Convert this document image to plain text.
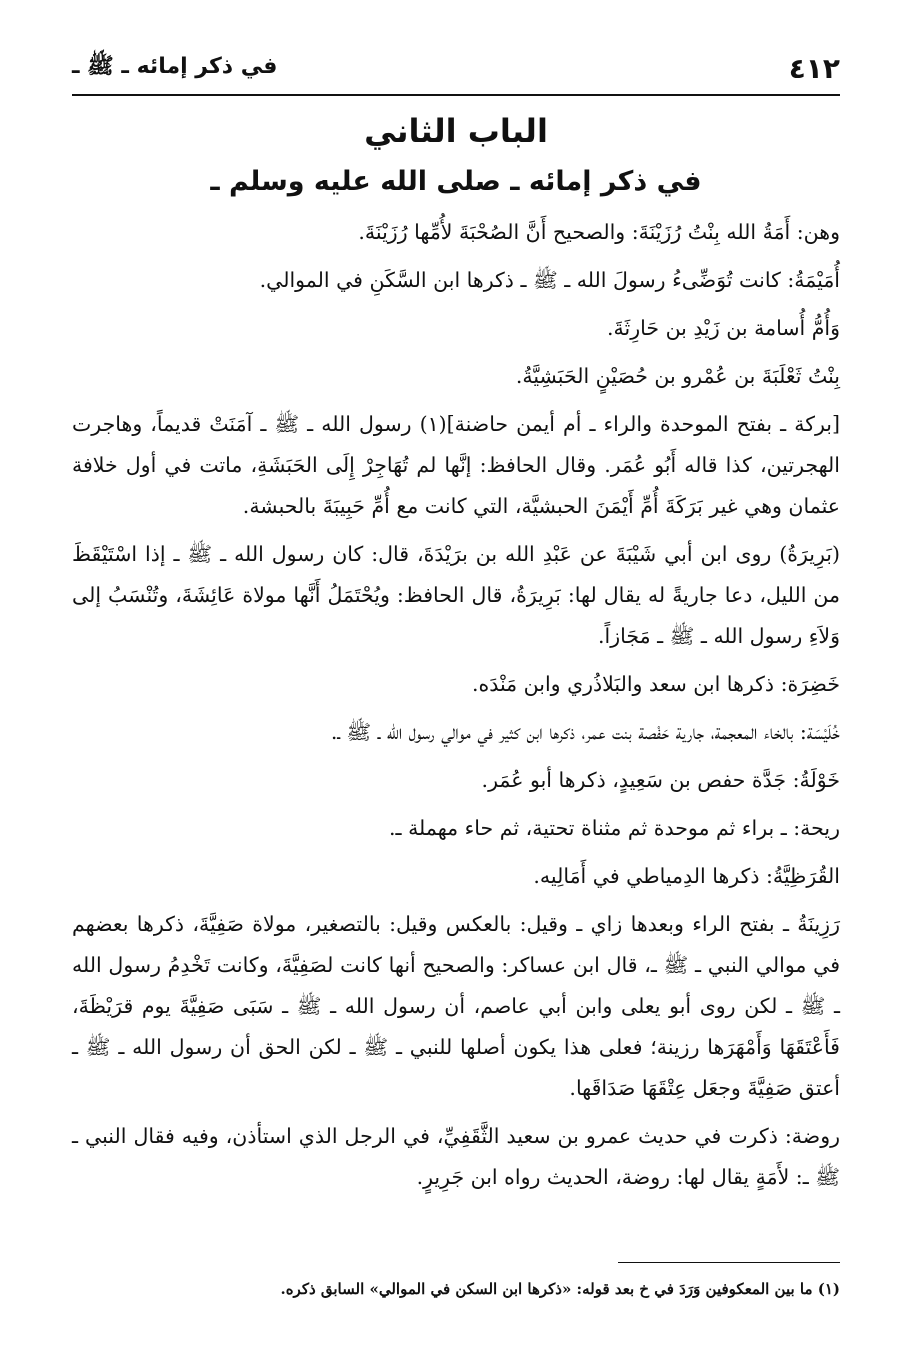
٤١٢
في ذكر إمائه ـ ﷺ ـ
الباب الثاني
في ذكر إمائه ـ صلى الله عليه وسلم ـ

وهن: أَمَةُ الله بِنْتُ رُزَيْنَةَ: والصحيح أَنَّ الصُحْبَةَ لأُمِّها رُزَيْنَةَ.

أُمَيْمَةُ: كانت تُوَضِّىءُ رسولَ الله ـ ﷺ ـ ذكرها ابن السَّكَنِ في الموالي.

وَأُمُّ أُسامة بن زَيْدِ بن حَارِثَةَ.

بِنْتُ ثَعْلَبَةَ بن عُمْرو بن حُصَيْنٍ الحَبَشِيَّةُ.

[بركة ـ بفتح الموحدة والراء ـ أم أيمن حاضنة](١) رسول الله ـ ﷺ ـ آمَنَتْ قديماً، وهاجرت الهجرتين، كذا قاله أَبُو عُمَر. وقال الحافظ: إنَّها لم تُهَاجِرْ إِلَى الحَبَشَةِ، ماتت في أول خلافة عثمان وهي غير بَرَكَةَ أُمِّ أَيْمَنَ الحبشيَّة، التي كانت مع أُمِّ حَبِيبَةَ بالحبشة.

(بَرِيرَةُ) روى ابن أبي شَيْبَةَ عن عَبْدِ الله بن برَيْدَةَ، قال: كان رسول الله ـ ﷺ ـ إذا اسْتَيْقَظَ من الليل، دعا جاريةً له يقال لها: بَرِيرَةُ، قال الحافظ: ويُحْتَمَلُ أَنَّها مولاة عَائِشَةَ، وتُنْسَبُ إلى وَلاَءِ رسول الله ـ ﷺ ـ مَجَازاً.

خَضِرَة: ذكرها ابن سعد والبَلاذُري وابن مَنْدَه.

خُلَيْسَة: بالخاء المعجمة، جارية حَفْصة بنت عمر، ذكرها ابن كثير في موالي رسول الله ـ ﷺ ـ.

خَوْلَةُ: جَدَّة حفص بن سَعِيدٍ، ذكرها أبو عُمَر.

ريحة: ـ براء ثم موحدة ثم مثناة تحتية، ثم حاء مهملة ـ.

القُرَظِيَّةُ: ذكرها الدِمياطي في أَمَالِيه.

رَزِينَةُ ـ بفتح الراء وبعدها زاي ـ وقيل: بالعكس وقيل: بالتصغير، مولاة صَفِيَّةَ، ذكرها بعضهم في موالي النبي ـ ﷺ ـ، قال ابن عساكر: والصحيح أنها كانت لصَفِيَّةَ، وكانت تَخْدِمُ رسول الله ـ ﷺ ـ لكن روى أبو يعلى وابن أبي عاصم، أن رسول الله ـ ﷺ ـ سَبَى صَفِيَّةَ يوم قرَيْظَةَ، فَأَعْتَقَهَا وَأَمْهَرَها رزينة؛ فعلى هذا يكون أصلها للنبي ـ ﷺ ـ لكن الحق أن رسول الله ـ ﷺ ـ أعتق صَفِيَّةَ وجعَل عِتْقَهَا صَدَاقَها.

روضة: ذكرت في حديث عمرو بن سعيد الثَّقَفِيِّ، في الرجل الذي استأذن، وفيه فقال النبي ـ ﷺ ـ: لأَمَةٍ يقال لها: روضة، الحديث رواه ابن جَرِيرٍ.

(١) ما بين المعكوفين وَرَدَ في خ بعد قوله: «ذكرها ابن السكن في الموالي» السابق ذكره.
